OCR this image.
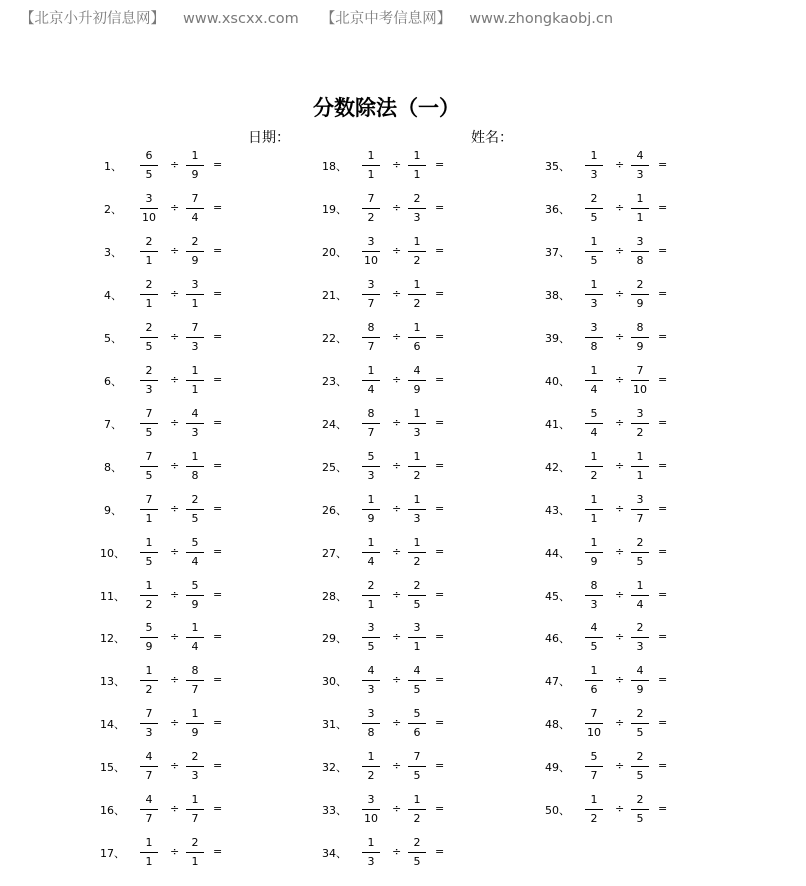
【北京小升初信息网】 www.xscxx.com 【北京中考信息网】 www.zhongkaobj.cn
分数除法（一）
日期：	姓名：
1、
6
5
÷
1
9
=
2、
3
10
÷
7
4
=
3、
2
1
÷
2
9
=
4、
2
1
÷
3
1
=
5、
2
5
÷
7
3
=
6、
2
3
÷
1
1
=
7、
7
5
÷
4
3
=
8、
7
5
÷
1
8
=
9、
7
1
÷
2
5
=
10、
1
5
÷
5
4
=
11、
1
2
÷
5
9
=
12、
5
9
÷
1
4
=
13、
1
2
÷
8
7
=
14、
7
3
÷
1
9
=
15、
4
7
÷
2
3
=
16、
4
7
÷
1
7
=
17、
1
1
÷
2
1
=
18、
1
1
÷
1
1
=
19、
7
2
÷
2
3
=
20、
3
10
÷
1
2
=
21、
3
7
÷
1
2
=
22、
8
7
÷
1
6
=
23、
1
4
÷
4
9
=
24、
8
7
÷
1
3
=
25、
5
3
÷
1
2
=
26、
1
9
÷
1
3
=
27、
1
4
÷
1
2
=
28、
2
1
÷
2
5
=
29、
3
5
÷
3
1
=
30、
4
3
÷
4
5
=
31、
3
8
÷
5
6
=
32、
1
2
÷
7
5
=
33、
3
10
÷
1
2
=
34、
1
3
÷
2
5
=
35、
1
3
÷
4
3
=
36、
2
5
÷
1
1
=
37、
1
5
÷
3
8
=
38、
1
3
÷
2
9
=
39、
3
8
÷
8
9
=
40、
1
4
÷
7
10
=
41、
5
4
÷
3
2
=
42、
1
2
÷
1
1
=
43、
1
1
÷
3
7
=
44、
1
9
÷
2
5
=
45、
8
3
÷
1
4
=
46、
4
5
÷
2
3
=
47、
1
6
÷
4
9
=
48、
7
10
÷
2
5
=
49、
5
7
÷
2
5
=
50、
1
2
÷
2
5
=
